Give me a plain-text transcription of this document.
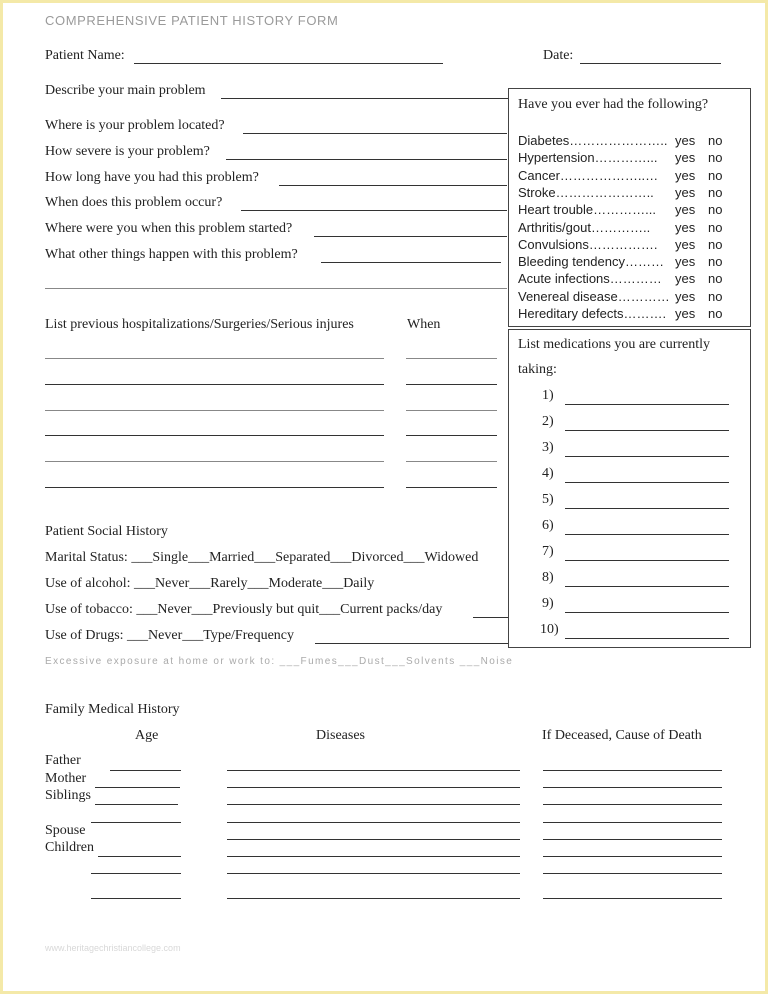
COMPREHENSIVE PATIENT HISTORY FORM
Patient Name:	Date:
Describe your main problem
Where is your problem located?
How severe is your problem?
How long have you had this problem?
When does this problem occur?
Where were you when this problem started?
What other things happen with this problem?
Have you ever had the following?
Diabetes………………….. yes no
Hypertension…………... yes no
Cancer………………..… yes no
Stroke………………….. yes no
Heart trouble…………... yes no
Arthritis/gout………….. yes no
Convulsions……………. yes no
Bleeding tendency……… yes no
Acute infections………… yes no
Venereal disease………… yes no
Hereditary defects………. yes no
List previous hospitalizations/Surgeries/Serious injures	When
List medications you are currently
taking:
1)
2)
3)
4)
5)
6)
7)
8)
9)
10)
Patient Social History
Marital Status: ___Single___Married___Separated___Divorced___Widowed
Use of alcohol: ___Never___Rarely___Moderate___Daily
Use of tobacco: ___Never___Previously but quit___Current packs/day
Use of Drugs: ___Never___Type/Frequency
Excessive exposure at home or work to: ___Fumes___Dust___Solvents ___Noise
Family Medical History
Age	Diseases	If Deceased, Cause of Death
Father
Mother
Siblings
Spouse
Children
www.heritagechristiancollege.com
